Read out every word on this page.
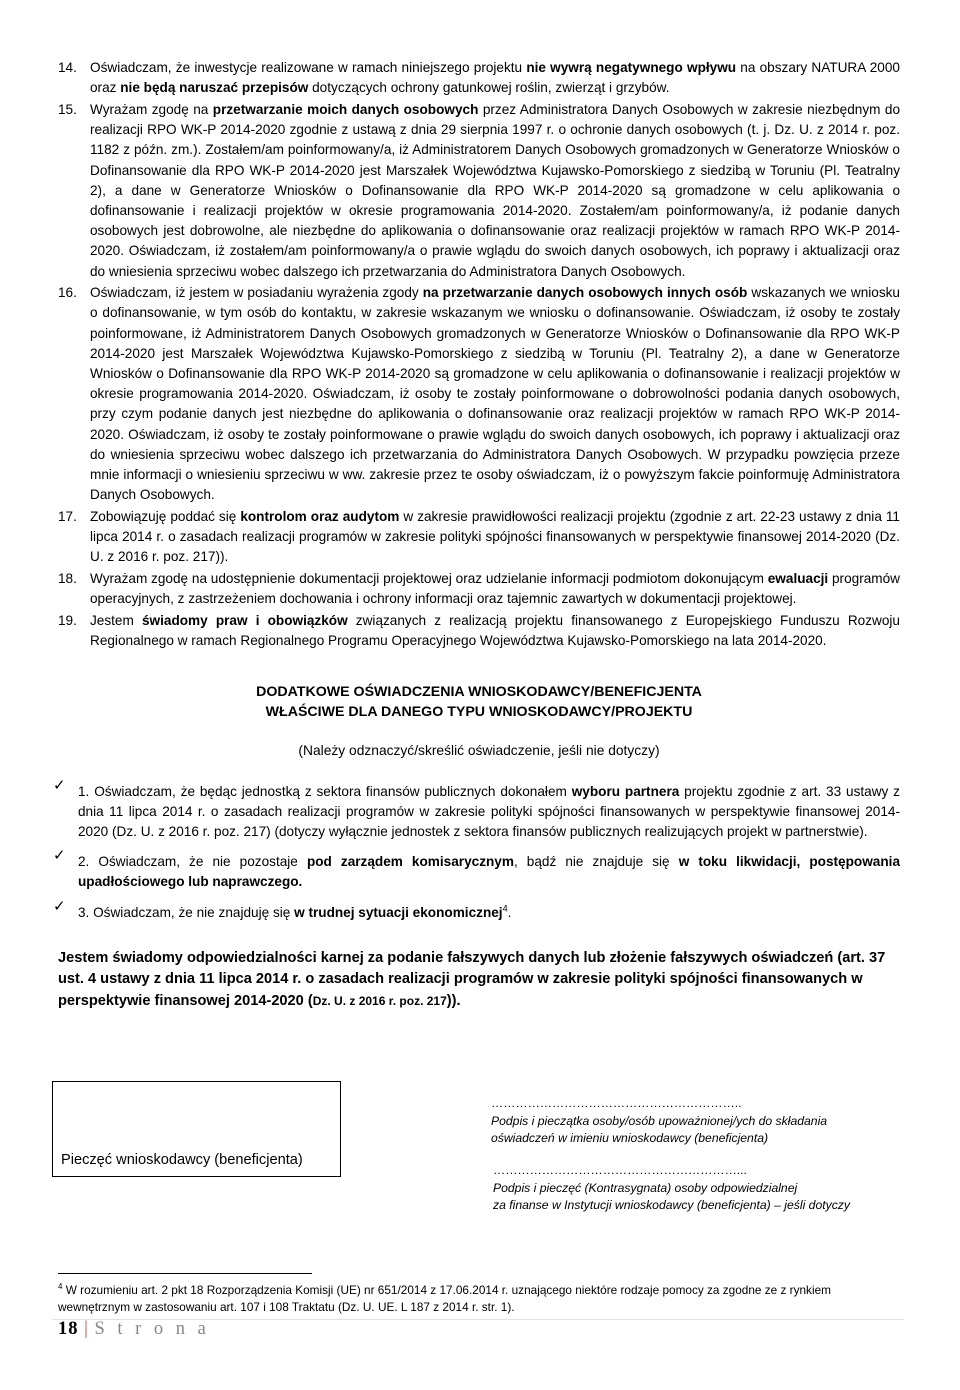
14. Oświadczam, że inwestycje realizowane w ramach niniejszego projektu nie wywrą negatywnego wpływu na obszary NATURA 2000 oraz nie będą naruszać przepisów dotyczących ochrony gatunkowej roślin, zwierząt i grzybów.
15. Wyrażam zgodę na przetwarzanie moich danych osobowych przez Administratora Danych Osobowych w zakresie niezbędnym do realizacji RPO WK-P 2014-2020 zgodnie z ustawą z dnia 29 sierpnia 1997 r. o ochronie danych osobowych (t. j. Dz. U. z 2014 r. poz. 1182 z późn. zm.). Zostałem/am poinformowany/a, iż Administratorem Danych Osobowych gromadzonych w Generatorze Wniosków o Dofinansowanie dla RPO WK-P 2014-2020 jest Marszałek Województwa Kujawsko-Pomorskiego z siedzibą w Toruniu (Pl. Teatralny 2), a dane w Generatorze Wniosków o Dofinansowanie dla RPO WK-P 2014-2020 są gromadzone w celu aplikowania o dofinansowanie i realizacji projektów w okresie programowania 2014-2020. Zostałem/am poinformowany/a, iż podanie danych osobowych jest dobrowolne, ale niezbędne do aplikowania o dofinansowanie oraz realizacji projektów w ramach RPO WK-P 2014-2020. Oświadczam, iż zostałem/am poinformowany/a o prawie wglądu do swoich danych osobowych, ich poprawy i aktualizacji oraz do wniesienia sprzeciwu wobec dalszego ich przetwarzania do Administratora Danych Osobowych.
16. Oświadczam, iż jestem w posiadaniu wyrażenia zgody na przetwarzanie danych osobowych innych osób wskazanych we wniosku o dofinansowanie, w tym osób do kontaktu, w zakresie wskazanym we wniosku o dofinansowanie. Oświadczam, iż osoby te zostały poinformowane, iż Administratorem Danych Osobowych gromadzonych w Generatorze Wniosków o Dofinansowanie dla RPO WK-P 2014-2020 jest Marszałek Województwa Kujawsko-Pomorskiego z siedzibą w Toruniu (Pl. Teatralny 2), a dane w Generatorze Wniosków o Dofinansowanie dla RPO WK-P 2014-2020 są gromadzone w celu aplikowania o dofinansowanie i realizacji projektów w okresie programowania 2014-2020. Oświadczam, iż osoby te zostały poinformowane o dobrowolności podania danych osobowych, przy czym podanie danych jest niezbędne do aplikowania o dofinansowanie oraz realizacji projektów w ramach RPO WK-P 2014-2020. Oświadczam, iż osoby te zostały poinformowane o prawie wglądu do swoich danych osobowych, ich poprawy i aktualizacji oraz do wniesienia sprzeciwu wobec dalszego ich przetwarzania do Administratora Danych Osobowych. W przypadku powzięcia przeze mnie informacji o wniesieniu sprzeciwu w ww. zakresie przez te osoby oświadczam, iż o powyższym fakcie poinformuję Administratora Danych Osobowych.
17. Zobowiązuję poddać się kontrolom oraz audytom w zakresie prawidłowości realizacji projektu (zgodnie z art. 22-23 ustawy z dnia 11 lipca 2014 r. o zasadach realizacji programów w zakresie polityki spójności finansowanych w perspektywie finansowej 2014-2020 (Dz. U. z 2016 r. poz. 217)).
18. Wyrażam zgodę na udostępnienie dokumentacji projektowej oraz udzielanie informacji podmiotom dokonującym ewaluacji programów operacyjnych, z zastrzeżeniem dochowania i ochrony informacji oraz tajemnic zawartych w dokumentacji projektowej.
19. Jestem świadomy praw i obowiązków związanych z realizacją projektu finansowanego z Europejskiego Funduszu Rozwoju Regionalnego w ramach Regionalnego Programu Operacyjnego Województwa Kujawsko-Pomorskiego na lata 2014-2020.
DODATKOWE OŚWIADCZENIA WNIOSKODAWCY/BENEFICJENTA
WŁAŚCIWE DLA DANEGO TYPU WNIOSKODAWCY/PROJEKTU
(Należy odznaczyć/skreślić oświadczenie, jeśli nie dotyczy)
✓ 1. Oświadczam, że będąc jednostką z sektora finansów publicznych dokonałem wyboru partnera projektu zgodnie z art. 33 ustawy z dnia 11 lipca 2014 r. o zasadach realizacji programów w zakresie polityki spójności finansowanych w perspektywie finansowej 2014-2020 (Dz. U. z 2016 r. poz. 217) (dotyczy wyłącznie jednostek z sektora finansów publicznych realizujących projekt w partnerstwie).
✓ 2. Oświadczam, że nie pozostaje pod zarządem komisarycznym, bądź nie znajduje się w toku likwidacji, postępowania upadłościowego lub naprawczego.
✓ 3. Oświadczam, że nie znajduję się w trudnej sytuacji ekonomicznej$^4$.
Jestem świadomy odpowiedzialności karnej za podanie fałszywych danych lub złożenie fałszywych oświadczeń (art. 37 ust. 4 ustawy z dnia 11 lipca 2014 r. o zasadach realizacji programów w zakresie polityki spójności finansowanych w perspektywie finansowej 2014-2020 (Dz. U. z 2016 r. poz. 217)).
Pieczęć wnioskodawcy (beneficjenta)
……………………………………………………..
Podpis i pieczątka osoby/osób upoważnionej/ych do składania
oświadczeń w imieniu wnioskodawcy (beneficjenta)
……………………………………………………...
Podpis i pieczęć (Kontrasygnata) osoby odpowiedzialnej
za finanse w Instytucji wnioskodawcy (beneficjenta) – jeśli dotyczy
$^4$ W rozumieniu art. 2 pkt 18 Rozporządzenia Komisji (UE) nr 651/2014 z 17.06.2014 r. uznającego niektóre rodzaje pomocy za zgodne ze z rynkiem wewnętrznym w zastosowaniu art. 107 i 108 Traktatu (Dz. U. UE. L 187 z 2014 r. str. 1).
18 | S t r o n a
